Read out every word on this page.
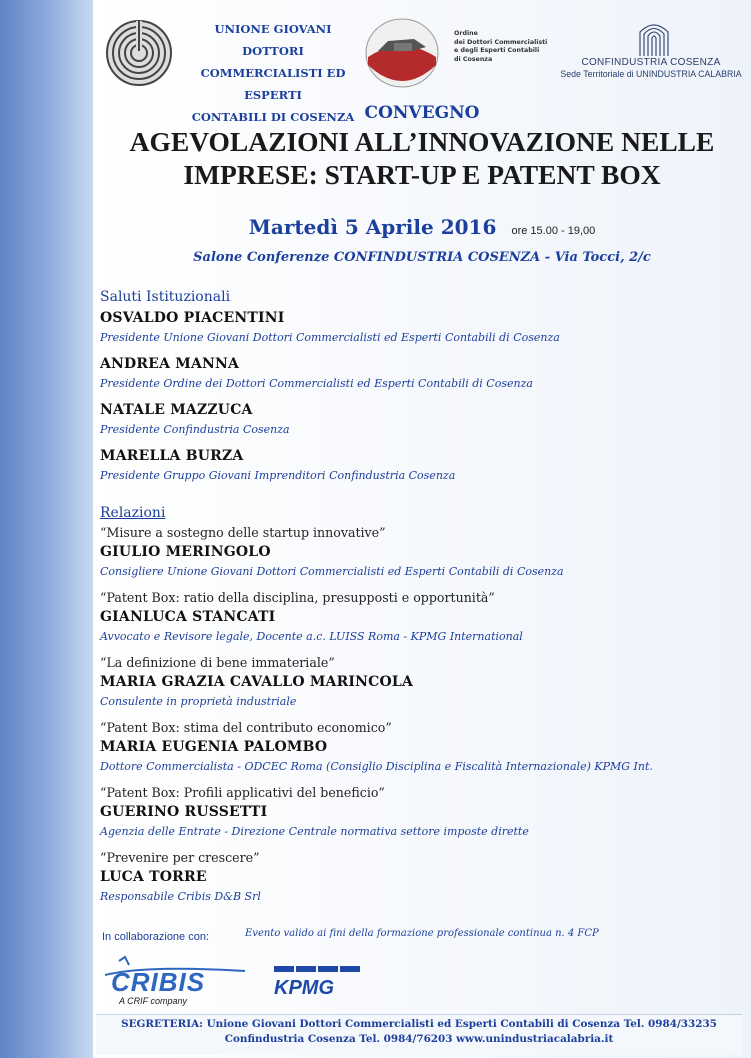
UNIONE GIOVANI DOTTORI
COMMERCIALISTI ED ESPERTI
CONTABILI DI COSENZA
Ordine
dei Dottori Commercialisti
e degli Esperti Contabili
di Cosenza	CONFINDUSTRIA COSENZA
Sede Territoriale di UNINDUSTRIA CALABRIA
CONVEGNO
AGEVOLAZIONI ALL’INNOVAZIONE NELLE
IMPRESE: START-UP E PATENT BOX
Martedì 5 Aprile 2016 ore 15.00 - 19,00
Salone Conferenze CONFINDUSTRIA COSENZA - Via Tocci, 2/c
Saluti Istituzionali
OSVALDO PIACENTINI
Presidente Unione Giovani Dottori Commercialisti ed Esperti Contabili di Cosenza
ANDREA MANNA
Presidente Ordine dei Dottori Commercialisti ed Esperti Contabili di Cosenza
NATALE MAZZUCA
Presidente Confindustria Cosenza
MARELLA BURZA
Presidente Gruppo Giovani Imprenditori Confindustria Cosenza
Relazioni
“Misure a sostegno delle startup innovative”
GIULIO MERINGOLO
Consigliere Unione Giovani Dottori Commercialisti ed Esperti Contabili di Cosenza
“Patent Box: ratio della disciplina, presupposti e opportunità”
GIANLUCA STANCATI
Avvocato e Revisore legale, Docente a.c. LUISS Roma - KPMG International
“La definizione di bene immateriale”
MARIA GRAZIA CAVALLO MARINCOLA
Consulente in proprietà industriale
“Patent Box: stima del contributo economico”
MARIA EUGENIA PALOMBO
Dottore Commercialista - ODCEC Roma (Consiglio Disciplina e Fiscalità Internazionale) KPMG Int.
“Patent Box: Profili applicativi del beneficio”
GUERINO RUSSETTI
Agenzia delle Entrate - Direzione Centrale normativa settore imposte dirette
“Prevenire per crescere”
LUCA TORRE
Responsabile Cribis D&B Srl
In collaborazione con:	Evento valido ai fini della formazione professionale continua n. 4 FCP
CRIBIS
A CRIF company
KPMG
SEGRETERIA: Unione Giovani Dottori Commercialisti ed Esperti Contabili di Cosenza Tel. 0984/33235
Confindustria Cosenza Tel. 0984/76203 www.unindustriacalabria.it
